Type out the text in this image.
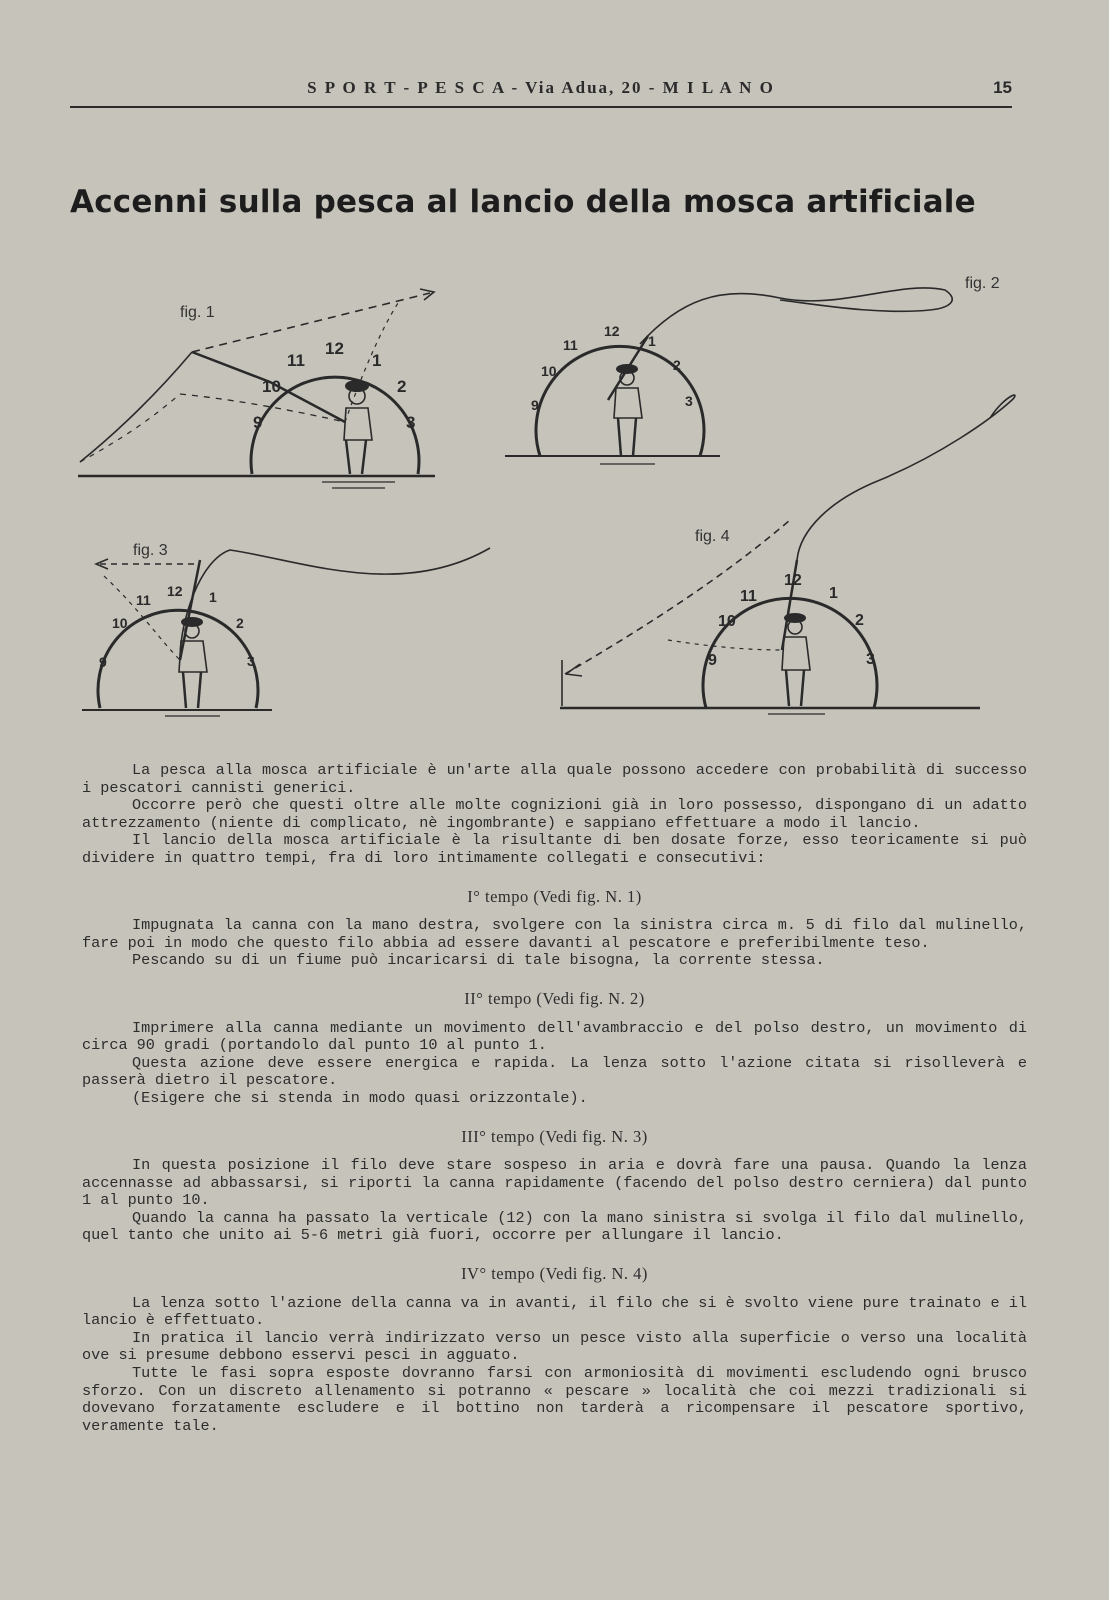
S P O R T - P E S C A - Via Adua, 20 - M I L A N O	15
Accenni sulla pesca al lancio della mosca artificiale
fig. 1
fig. 2
fig. 3
fig. 4
9
10
11
12
1
2
3
9
10
11
12
1
2
3
9
10
11
12 1
2
3	9
10
11
12
1
2
3

La pesca alla mosca artificiale è un'arte alla quale possono accedere con probabilità di successo i pescatori cannisti generici.

Occorre però che questi oltre alle molte cognizioni già in loro possesso, dispongano di un adatto attrezzamento (niente di complicato, nè ingombrante) e sappiano effettuare a modo il lancio.

Il lancio della mosca artificiale è la risultante di ben dosate forze, esso teoricamente si può dividere in quattro tempi, fra di loro intimamente collegati e consecutivi:

I° tempo (Vedi fig. N. 1)

Impugnata la canna con la mano destra, svolgere con la sinistra circa m. 5 di filo dal mulinello, fare poi in modo che questo filo abbia ad essere davanti al pescatore e preferibilmente teso.

Pescando su di un fiume può incaricarsi di tale bisogna, la corrente stessa.

II° tempo (Vedi fig. N. 2)

Imprimere alla canna mediante un movimento dell'avambraccio e del polso destro, un movimento di circa 90 gradi (portandolo dal punto 10 al punto 1.

Questa azione deve essere energica e rapida. La lenza sotto l'azione citata si risolleverà e passerà dietro il pescatore.

(Esigere che si stenda in modo quasi orizzontale).

III° tempo (Vedi fig. N. 3)

In questa posizione il filo deve stare sospeso in aria e dovrà fare una pausa. Quando la lenza accennasse ad abbassarsi, si riporti la canna rapidamente (facendo del polso destro cerniera) dal punto 1 al punto 10.

Quando la canna ha passato la verticale (12) con la mano sinistra si svolga il filo dal mulinello, quel tanto che unito ai 5-6 metri già fuori, occorre per allungare il lancio.

IV° tempo (Vedi fig. N. 4)

La lenza sotto l'azione della canna va in avanti, il filo che si è svolto viene pure trainato e il lancio è effettuato.

In pratica il lancio verrà indirizzato verso un pesce visto alla superficie o verso una località ove si presume debbono esservi pesci in agguato.

Tutte le fasi sopra esposte dovranno farsi con armoniosità di movimenti escludendo ogni brusco sforzo. Con un discreto allenamento si potranno « pescare » località che coi mezzi tradizionali si dovevano forzatamente escludere e il bottino non tarderà a ricompensare il pescatore sportivo, veramente tale.
